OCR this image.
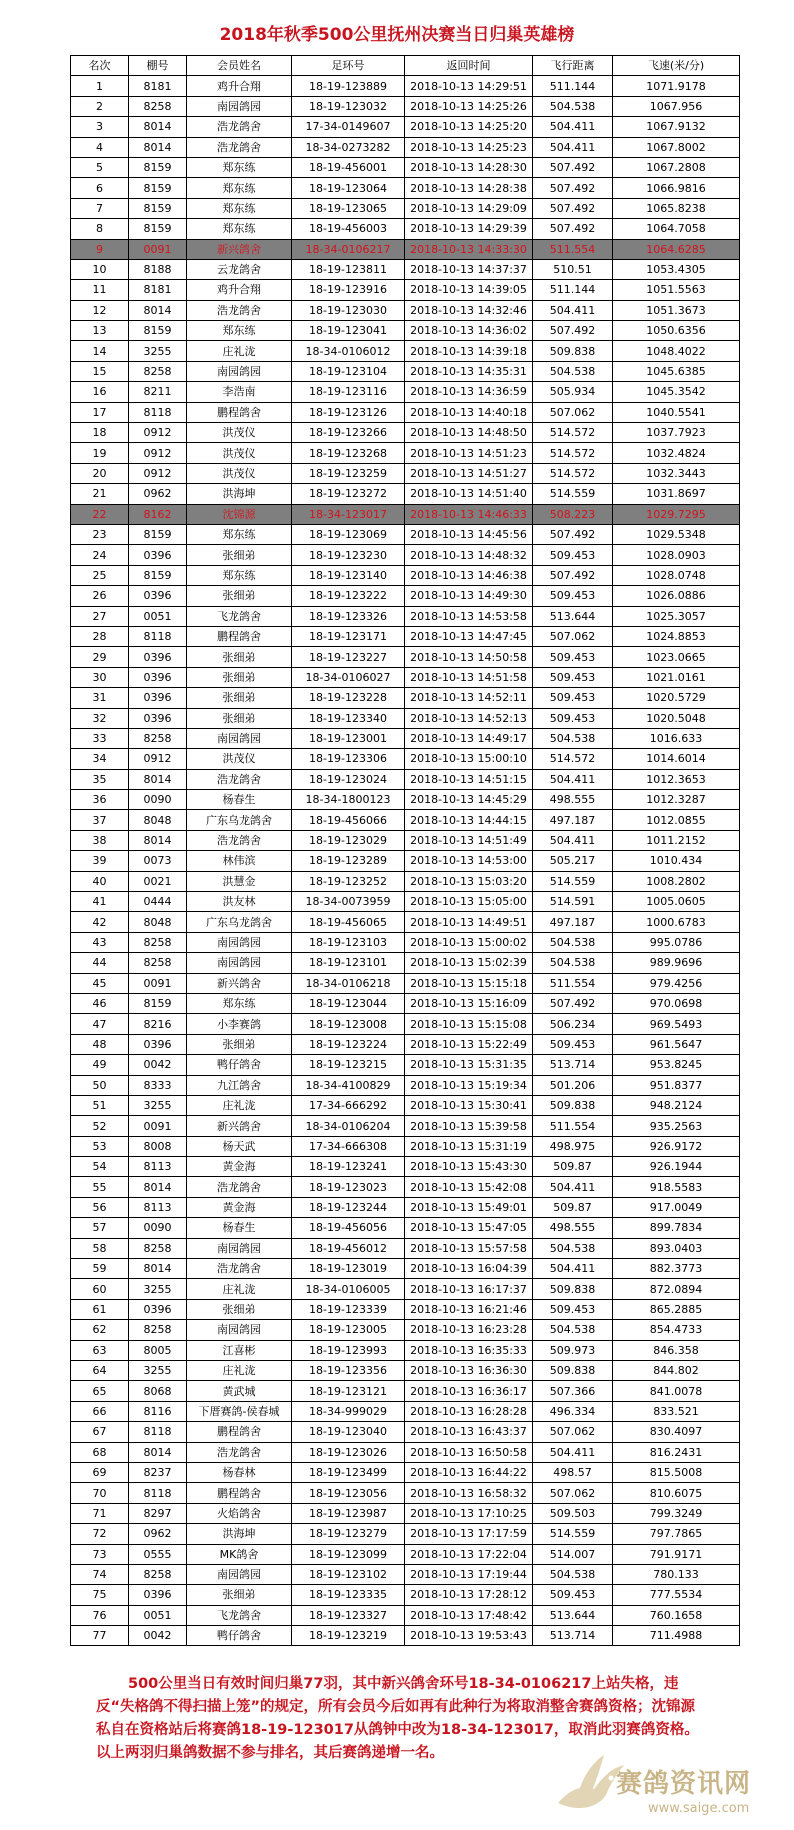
2018年秋季500公里抚州决赛当日归巢英雄榜
名次	棚号	会员姓名	足环号	返回时间	飞行距离	飞速(米/分)
1	8181	鸡升合翔	18-19-123889	2018-10-13 14:29:51	511.144	1071.9178
2	8258	南园鸽园	18-19-123032	2018-10-13 14:25:26	504.538	1067.956
3	8014	浩龙鸽舍	17-34-0149607	2018-10-13 14:25:20	504.411	1067.9132
4	8014	浩龙鸽舍	18-34-0273282	2018-10-13 14:25:23	504.411	1067.8002
5	8159	郑东练	18-19-456001	2018-10-13 14:28:30	507.492	1067.2808
6	8159	郑东练	18-19-123064	2018-10-13 14:28:38	507.492	1066.9816
7	8159	郑东练	18-19-123065	2018-10-13 14:29:09	507.492	1065.8238
8	8159	郑东练	18-19-456003	2018-10-13 14:29:39	507.492	1064.7058
9	0091	新兴鸽舍	18-34-0106217	2018-10-13 14:33:30	511.554	1064.6285
10	8188	云龙鸽舍	18-19-123811	2018-10-13 14:37:37	510.51	1053.4305
11	8181	鸡升合翔	18-19-123916	2018-10-13 14:39:05	511.144	1051.5563
12	8014	浩龙鸽舍	18-19-123030	2018-10-13 14:32:46	504.411	1051.3673
13	8159	郑东练	18-19-123041	2018-10-13 14:36:02	507.492	1050.6356
14	3255	庄礼泷	18-34-0106012	2018-10-13 14:39:18	509.838	1048.4022
15	8258	南园鸽园	18-19-123104	2018-10-13 14:35:31	504.538	1045.6385
16	8211	李浩南	18-19-123116	2018-10-13 14:36:59	505.934	1045.3542
17	8118	鹏程鸽舍	18-19-123126	2018-10-13 14:40:18	507.062	1040.5541
18	0912	洪茂仪	18-19-123266	2018-10-13 14:48:50	514.572	1037.7923
19	0912	洪茂仪	18-19-123268	2018-10-13 14:51:23	514.572	1032.4824
20	0912	洪茂仪	18-19-123259	2018-10-13 14:51:27	514.572	1032.3443
21	0962	洪海坤	18-19-123272	2018-10-13 14:51:40	514.559	1031.8697
22	8162	沈锦源	18-34-123017	2018-10-13 14:46:33	508.223	1029.7295
23	8159	郑东练	18-19-123069	2018-10-13 14:45:56	507.492	1029.5348
24	0396	张细弟	18-19-123230	2018-10-13 14:48:32	509.453	1028.0903
25	8159	郑东练	18-19-123140	2018-10-13 14:46:38	507.492	1028.0748
26	0396	张细弟	18-19-123222	2018-10-13 14:49:30	509.453	1026.0886
27	0051	飞龙鸽舍	18-19-123326	2018-10-13 14:53:58	513.644	1025.3057
28	8118	鹏程鸽舍	18-19-123171	2018-10-13 14:47:45	507.062	1024.8853
29	0396	张细弟	18-19-123227	2018-10-13 14:50:58	509.453	1023.0665
30	0396	张细弟	18-34-0106027	2018-10-13 14:51:58	509.453	1021.0161
31	0396	张细弟	18-19-123228	2018-10-13 14:52:11	509.453	1020.5729
32	0396	张细弟	18-19-123340	2018-10-13 14:52:13	509.453	1020.5048
33	8258	南园鸽园	18-19-123001	2018-10-13 14:49:17	504.538	1016.633
34	0912	洪茂仪	18-19-123306	2018-10-13 15:00:10	514.572	1014.6014
35	8014	浩龙鸽舍	18-19-123024	2018-10-13 14:51:15	504.411	1012.3653
36	0090	杨春生	18-34-1800123	2018-10-13 14:45:29	498.555	1012.3287
37	8048	广东乌龙鸽舍	18-19-456066	2018-10-13 14:44:15	497.187	1012.0855
38	8014	浩龙鸽舍	18-19-123029	2018-10-13 14:51:49	504.411	1011.2152
39	0073	林伟滨	18-19-123289	2018-10-13 14:53:00	505.217	1010.434
40	0021	洪慧金	18-19-123252	2018-10-13 15:03:20	514.559	1008.2802
41	0444	洪友林	18-34-0073959	2018-10-13 15:05:00	514.591	1005.0605
42	8048	广东乌龙鸽舍	18-19-456065	2018-10-13 14:49:51	497.187	1000.6783
43	8258	南园鸽园	18-19-123103	2018-10-13 15:00:02	504.538	995.0786
44	8258	南园鸽园	18-19-123101	2018-10-13 15:02:39	504.538	989.9696
45	0091	新兴鸽舍	18-34-0106218	2018-10-13 15:15:18	511.554	979.4256
46	8159	郑东练	18-19-123044	2018-10-13 15:16:09	507.492	970.0698
47	8216	小李赛鸽	18-19-123008	2018-10-13 15:15:08	506.234	969.5493
48	0396	张细弟	18-19-123224	2018-10-13 15:22:49	509.453	961.5647
49	0042	鸭仔鸽舍	18-19-123215	2018-10-13 15:31:35	513.714	953.8245
50	8333	九江鸽舍	18-34-4100829	2018-10-13 15:19:34	501.206	951.8377
51	3255	庄礼泷	17-34-666292	2018-10-13 15:30:41	509.838	948.2124
52	0091	新兴鸽舍	18-34-0106204	2018-10-13 15:39:58	511.554	935.2563
53	8008	杨天武	17-34-666308	2018-10-13 15:31:19	498.975	926.9172
54	8113	黄金海	18-19-123241	2018-10-13 15:43:30	509.87	926.1944
55	8014	浩龙鸽舍	18-19-123023	2018-10-13 15:42:08	504.411	918.5583
56	8113	黄金海	18-19-123244	2018-10-13 15:49:01	509.87	917.0049
57	0090	杨春生	18-19-456056	2018-10-13 15:47:05	498.555	899.7834
58	8258	南园鸽园	18-19-456012	2018-10-13 15:57:58	504.538	893.0403
59	8014	浩龙鸽舍	18-19-123019	2018-10-13 16:04:39	504.411	882.3773
60	3255	庄礼泷	18-34-0106005	2018-10-13 16:17:37	509.838	872.0894
61	0396	张细弟	18-19-123339	2018-10-13 16:21:46	509.453	865.2885
62	8258	南园鸽园	18-19-123005	2018-10-13 16:23:28	504.538	854.4733
63	8005	江喜彬	18-19-123993	2018-10-13 16:35:33	509.973	846.358
64	3255	庄礼泷	18-19-123356	2018-10-13 16:36:30	509.838	844.802
65	8068	黄武城	18-19-123121	2018-10-13 16:36:17	507.366	841.0078
66	8116	下厝赛鸽-侯春城	18-34-999029	2018-10-13 16:28:28	496.334	833.521
67	8118	鹏程鸽舍	18-19-123040	2018-10-13 16:43:37	507.062	830.4097
68	8014	浩龙鸽舍	18-19-123026	2018-10-13 16:50:58	504.411	816.2431
69	8237	杨春林	18-19-123499	2018-10-13 16:44:22	498.57	815.5008
70	8118	鹏程鸽舍	18-19-123056	2018-10-13 16:58:32	507.062	810.6075
71	8297	火焰鸽舍	18-19-123987	2018-10-13 17:10:25	509.503	799.3249
72	0962	洪海坤	18-19-123279	2018-10-13 17:17:59	514.559	797.7865
73	0555	MK鸽舍	18-19-123099	2018-10-13 17:22:04	514.007	791.9171
74	8258	南园鸽园	18-19-123102	2018-10-13 17:19:44	504.538	780.133
75	0396	张细弟	18-19-123335	2018-10-13 17:28:12	509.453	777.5534
76	0051	飞龙鸽舍	18-19-123327	2018-10-13 17:48:42	513.644	760.1658
77	0042	鸭仔鸽舍	18-19-123219	2018-10-13 19:53:43	513.714	711.4988
500公里当日有效时间归巢77羽，其中新兴鸽舍环号18-34-0106217上站失格，违反“失格鸽不得扫描上笼”的规定，所有会员今后如再有此种行为将取消整舍赛鸽资格；沈锦源私自在资格站后将赛鸽18-19-123017从鸽钟中改为18-34-123017，取消此羽赛鸽资格。以上两羽归巢鸽数据不参与排名，其后赛鸽递增一名。
赛鸽资讯网
www.saige.com
